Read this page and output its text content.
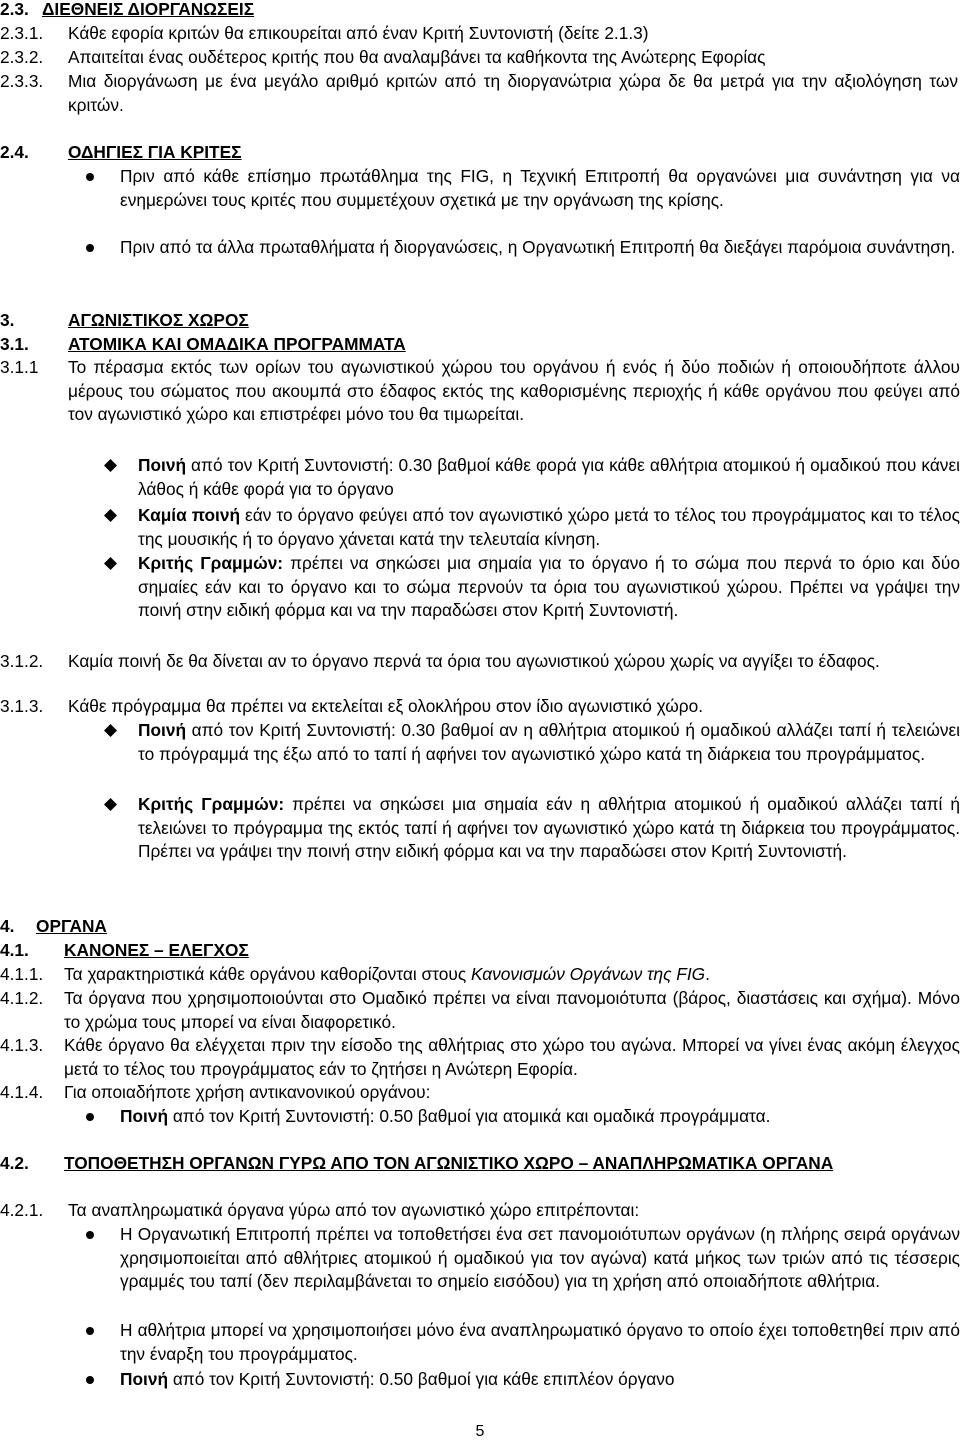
2.3. ΔΙΕΘΝΕΙΣ ΔΙΟΡΓΑΝΩΣΕΙΣ
2.3.1.	Κάθε εφορία κριτών θα επικουρείται από έναν Κριτή Συντονιστή (δείτε 2.1.3)
2.3.2.	Απαιτείται ένας ουδέτερος κριτής που θα αναλαμβάνει τα καθήκοντα της Ανώτερης Εφορίας
2.3.3.	Μια διοργάνωση με ένα μεγάλο αριθμό κριτών από τη διοργανώτρια χώρα δε θα μετρά για την αξιολόγηση των κριτών.
2.4.	ΟΔΗΓΙΕΣ ΓΙΑ ΚΡΙΤΕΣ
Πριν από κάθε επίσημο πρωτάθλημα της FIG, η Τεχνική Επιτροπή θα οργανώνει μια συνάντηση για να ενημερώνει τους κριτές που συμμετέχουν σχετικά με την οργάνωση της κρίσης.
Πριν από τα άλλα πρωταθλήματα ή διοργανώσεις, η Οργανωτική Επιτροπή θα διεξάγει παρόμοια συνάντηση.
3.	ΑΓΩΝΙΣΤΙΚΟΣ ΧΩΡΟΣ
3.1.	ΑΤΟΜΙΚΑ ΚΑΙ ΟΜΑΔΙΚΑ ΠΡΟΓΡΑΜΜΑΤΑ
3.1.1	Το πέρασμα εκτός των ορίων του αγωνιστικού χώρου του οργάνου ή ενός ή δύο ποδιών ή οποιουδήποτε άλλου μέρους του σώματος που ακουμπά στο έδαφος εκτός της καθορισμένης περιοχής ή κάθε οργάνου που φεύγει από τον αγωνιστικό χώρο και επιστρέφει μόνο του θα τιμωρείται.
Ποινή από τον Κριτή Συντονιστή: 0.30 βαθμοί κάθε φορά για κάθε αθλήτρια ατομικού ή ομαδικού που κάνει λάθος ή κάθε φορά για το όργανο
Καμία ποινή εάν το όργανο φεύγει από τον αγωνιστικό χώρο μετά το τέλος του προγράμματος και το τέλος της μουσικής ή το όργανο χάνεται κατά την τελευταία κίνηση.
Κριτής Γραμμών: πρέπει να σηκώσει μια σημαία για το όργανο ή το σώμα που περνά το όριο και δύο σημαίες εάν και το όργανο και το σώμα περνούν τα όρια του αγωνιστικού χώρου. Πρέπει να γράψει την ποινή στην ειδική φόρμα και να την παραδώσει στον Κριτή Συντονιστή.
3.1.2.	Καμία ποινή δε θα δίνεται αν το όργανο περνά τα όρια του αγωνιστικού χώρου χωρίς να αγγίξει το έδαφος.
3.1.3.	Κάθε πρόγραμμα θα πρέπει να εκτελείται εξ ολοκλήρου στον ίδιο αγωνιστικό χώρο.
Ποινή από τον Κριτή Συντονιστή: 0.30 βαθμοί αν η αθλήτρια ατομικού ή ομαδικού αλλάζει ταπί ή τελειώνει το πρόγραμμά της έξω από το ταπί ή αφήνει τον αγωνιστικό χώρο κατά τη διάρκεια του προγράμματος.
Κριτής Γραμμών: πρέπει να σηκώσει μια σημαία εάν η αθλήτρια ατομικού ή ομαδικού αλλάζει ταπί ή τελειώνει το πρόγραμμα της εκτός ταπί ή αφήνει τον αγωνιστικό χώρο κατά τη διάρκεια του προγράμματος. Πρέπει να γράψει την ποινή στην ειδική φόρμα και να την παραδώσει στον Κριτή Συντονιστή.
4.	ΟΡΓΑΝΑ
4.1.	ΚΑΝΟΝΕΣ – ΕΛΕΓΧΟΣ
4.1.1.	Τα χαρακτηριστικά κάθε οργάνου καθορίζονται στους Κανονισμών Οργάνων της FIG.
4.1.2.	Τα όργανα που χρησιμοποιούνται στο Ομαδικό πρέπει να είναι πανομοιότυπα (βάρος, διαστάσεις και σχήμα). Μόνο το χρώμα τους μπορεί να είναι διαφορετικό.
4.1.3.	Κάθε όργανο θα ελέγχεται πριν την είσοδο της αθλήτριας στο χώρο του αγώνα. Μπορεί να γίνει ένας ακόμη έλεγχος μετά το τέλος του προγράμματος εάν το ζητήσει η Ανώτερη Εφορία.
4.1.4.	Για οποιαδήποτε χρήση αντικανονικού οργάνου:
Ποινή από τον Κριτή Συντονιστή: 0.50 βαθμοί για ατομικά και ομαδικά προγράμματα.
4.2.	ΤΟΠΟΘΕΤΗΣΗ ΟΡΓΑΝΩΝ ΓΥΡΩ ΑΠΟ ΤΟΝ ΑΓΩΝΙΣΤΙΚΟ ΧΩΡΟ – ΑΝΑΠΛΗΡΩΜΑΤΙΚΑ ΟΡΓΑΝΑ
4.2.1.	Τα αναπληρωματικά όργανα γύρω από τον αγωνιστικό χώρο επιτρέπονται:
Η Οργανωτική Επιτροπή πρέπει να τοποθετήσει ένα σετ πανομοιότυπων οργάνων (η πλήρης σειρά οργάνων χρησιμοποιείται από αθλήτριες ατομικού ή ομαδικού για τον αγώνα) κατά μήκος των τριών από τις τέσσερις γραμμές του ταπί (δεν περιλαμβάνεται το σημείο εισόδου) για τη χρήση από οποιαδήποτε αθλήτρια.
Η αθλήτρια μπορεί να χρησιμοποιήσει μόνο ένα αναπληρωματικό όργανο το οποίο έχει τοποθετηθεί πριν από την έναρξη του προγράμματος.
Ποινή από τον Κριτή Συντονιστή: 0.50 βαθμοί για κάθε επιπλέον όργανο
5
